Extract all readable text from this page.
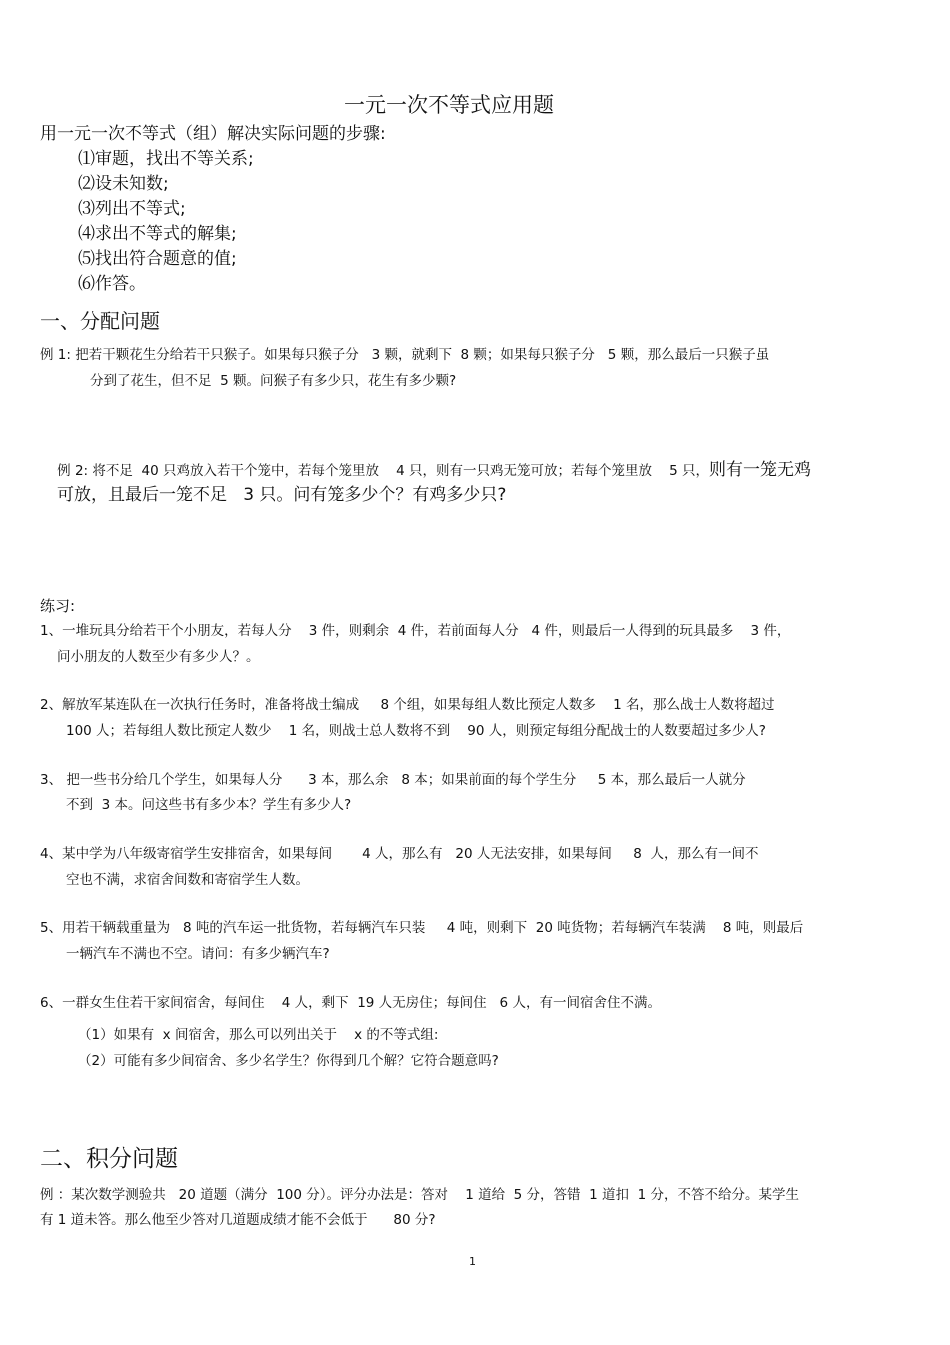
一元一次不等式应用题
用一元一次不等式（组）解决实际问题的步骤:
⑴审题，找出不等关系;
⑵设未知数;
⑶列出不等式;
⑷求出不等式的解集;
⑸找出符合题意的值;
⑹作答。
一、分配问题
例 1: 把若干颗花生分给若干只猴子。如果每只猴子分   3 颗，就剩下  8 颗；如果每只猴子分   5 颗，那么最后一只猴子虽
分到了花生，但不足  5 颗。问猴子有多少只，花生有多少颗?

例 2: 将不足  40 只鸡放入若干个笼中，若每个笼里放    4 只，则有一只鸡无笼可放；若每个笼里放    5 只，则有一笼无鸡

可放，且最后一笼不足   3 只。问有笼多少个？有鸡多少只?
练习:
1、一堆玩具分给若干个小朋友，若每人分    3 件，则剩余  4 件，若前面每人分   4 件，则最后一人得到的玩具最多    3 件，
问小朋友的人数至少有多少人？。
2、解放军某连队在一次执行任务时，准备将战士编成     8 个组，如果每组人数比预定人数多    1 名，那么战士人数将超过
100 人；若每组人数比预定人数少    1 名，则战士总人数将不到    90 人，则预定每组分配战士的人数要超过多少人?
3、 把一些书分给几个学生，如果每人分      3 本，那么余   8 本；如果前面的每个学生分     5 本，那么最后一人就分
不到  3 本。问这些书有多少本？学生有多少人?
4、某中学为八年级寄宿学生安排宿舍，如果每间       4 人，那么有   20 人无法安排，如果每间     8  人，那么有一间不
空也不满，求宿舍间数和寄宿学生人数。
5、用若干辆载重量为   8 吨的汽车运一批货物，若每辆汽车只装     4 吨，则剩下  20 吨货物；若每辆汽车装满    8 吨，则最后
一辆汽车不满也不空。请问：有多少辆汽车?
6、一群女生住若干家间宿舍，每间住    4 人，剩下  19 人无房住；每间住   6 人，有一间宿舍住不满。
（1）如果有  x 间宿舍，那么可以列出关于    x 的不等式组:
（2）可能有多少间宿舍、多少名学生？你得到几个解？它符合题意吗?
二、积分问题
例 ：某次数学测验共   20 道题（满分  100 分）。评分办法是：答对    1 道给  5 分，答错  1 道扣  1 分，不答不给分。某学生
有 1 道未答。那么他至少答对几道题成绩才能不会低于      80 分?
1
